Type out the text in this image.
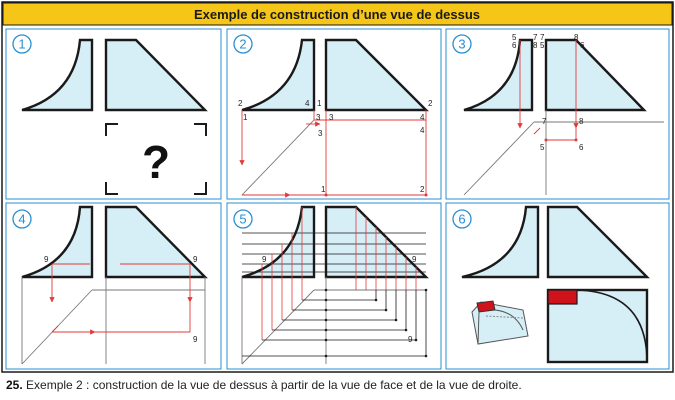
Exemple de construction d’une vue de dessus
1
?
2
2	4 1
3
2
1
3
3	4
4
1	2
3	5
6
7
8 5
7	8
6
7	8
5	6
4
9	9
9
5
9	9
9
6
25. Exemple 2 : construction de la vue de dessus à partir de la vue de face et de la vue de droite.
